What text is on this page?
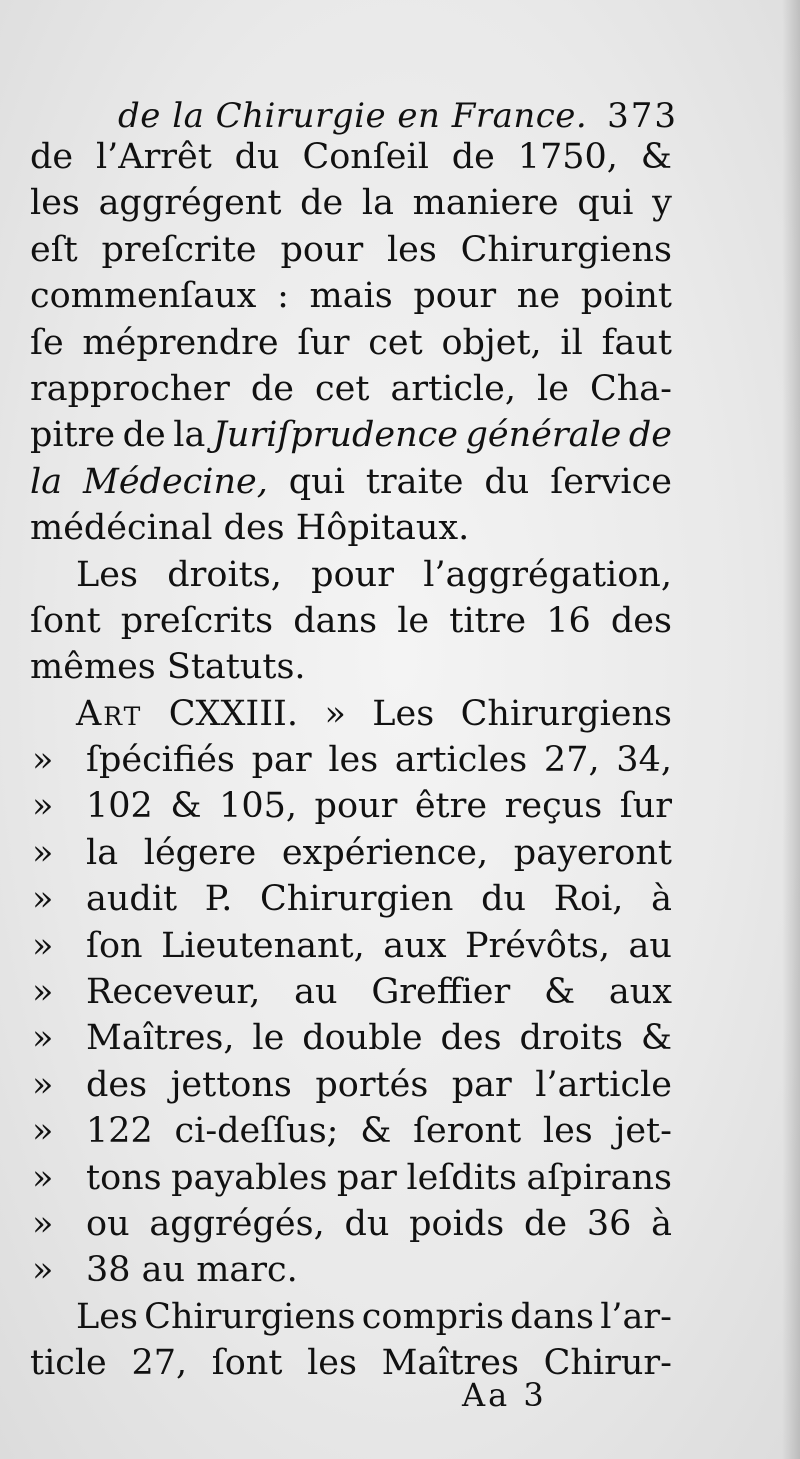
de la Chirurgie en France. 373
de l’Arrêt du Conſeil de 1750, &
les aggrégent de la maniere qui y
eſt preſcrite pour les Chirurgiens
commenſaux : mais pour ne point
ſe méprendre ſur cet objet, il faut
rapprocher de cet article, le Cha-
pitre de la Juriſprudence générale de
la Médecine, qui traite du ſervice
médécinal des Hôpitaux.
Les droits, pour l’aggrégation,
ſont preſcrits dans le titre 16 des
mêmes Statuts.
Art CXXIII. » Les Chirurgiens
» ſpécifiés par les articles 27, 34,
» 102 & 105, pour être reçus ſur
» la légere expérience, payeront
» audit P. Chirurgien du Roi, à
» ſon Lieutenant, aux Prévôts, au
» Receveur, au Greffier & aux
» Maîtres, le double des droits &
» des jettons portés par l’article
» 122 ci-deſſus; & ſeront les jet-
» tons payables par leſdits aſpirans
» ou aggrégés, du poids de 36 à
» 38 au marc.
Les Chirurgiens compris dans l’ar-
ticle 27, ſont les Maîtres Chirur-
Aa 3
